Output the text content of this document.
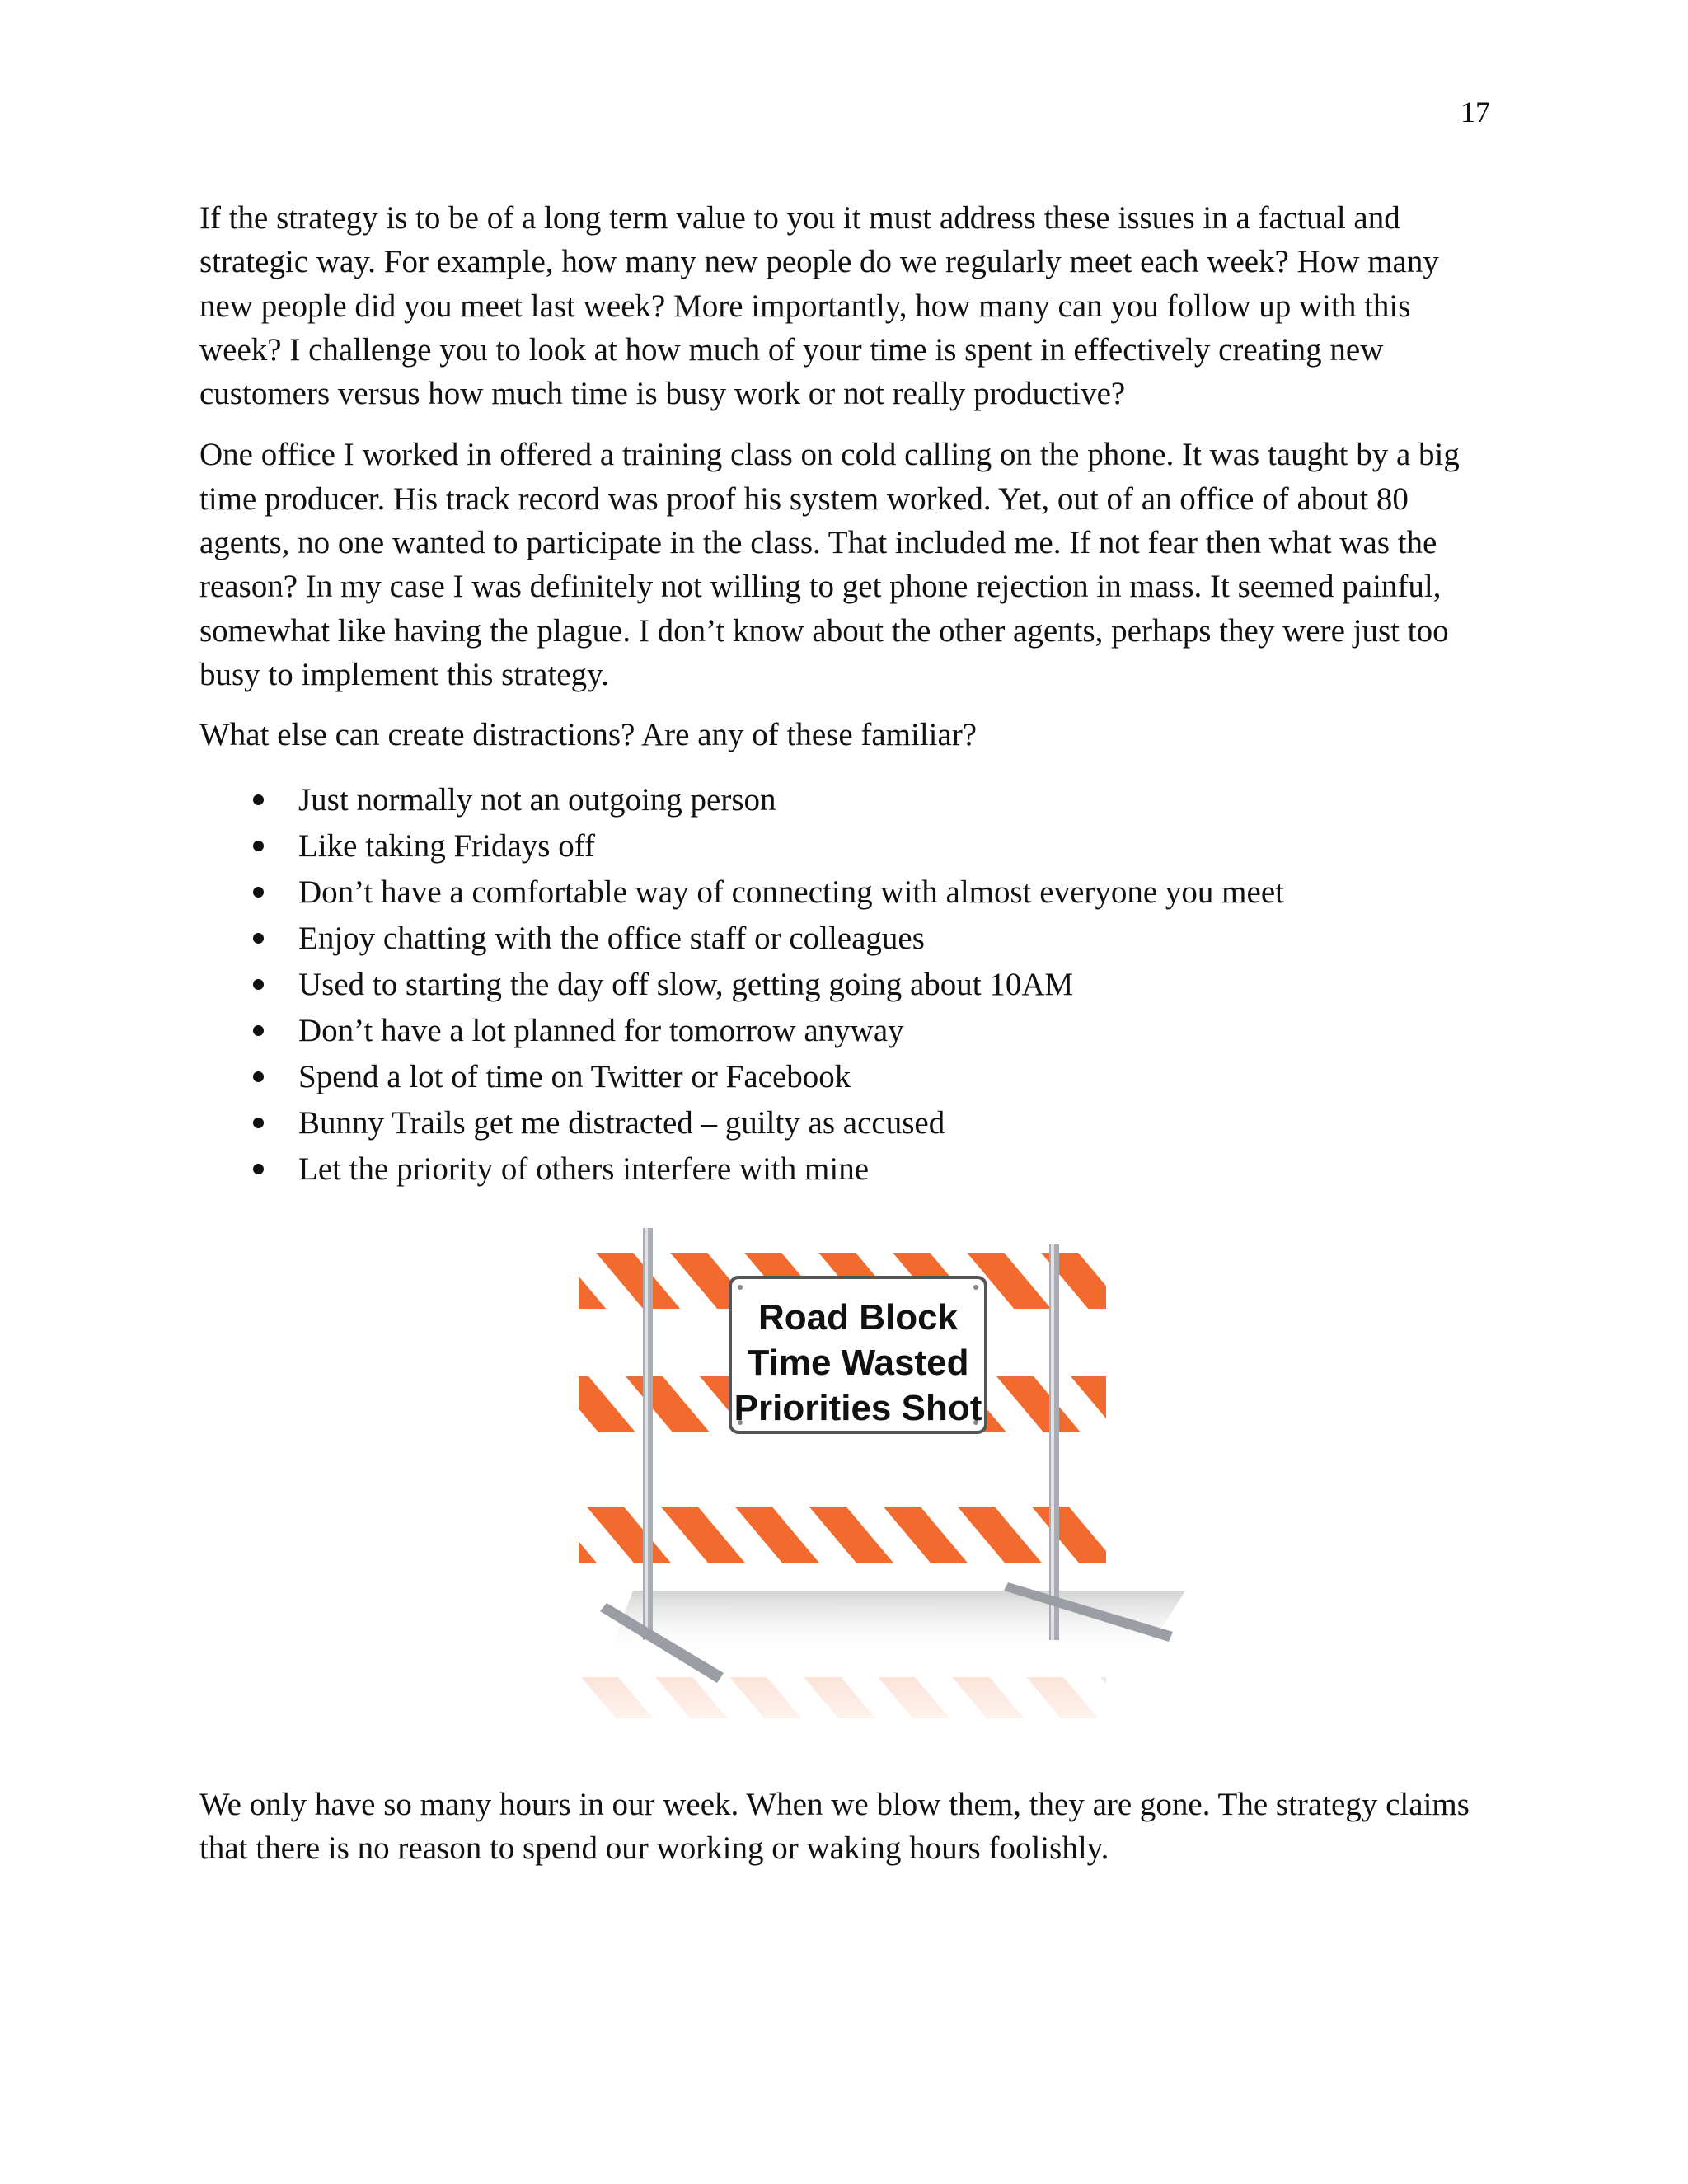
17

If the strategy is to be of a long term value to you it must address these issues in a factual and strategic way. For example, how many new people do we regularly meet each week? How many new people did you meet last week? More importantly, how many can you follow up with this week? I challenge you to look at how much of your time is spent in effectively creating new customers versus how much time is busy work or not really productive?

One office I worked in offered a training class on cold calling on the phone. It was taught by a big time producer. His track record was proof his system worked. Yet, out of an office of about 80 agents, no one wanted to participate in the class. That included me. If not fear then what was the reason? In my case I was definitely not willing to get phone rejection in mass. It seemed painful, somewhat like having the plague. I don’t know about the other agents, perhaps they were just too busy to implement this strategy.

What else can create distractions? Are any of these familiar?

Just normally not an outgoing person
Like taking Fridays off
Don’t have a comfortable way of connecting with almost everyone you meet
Enjoy chatting with the office staff or colleagues
Used to starting the day off slow, getting going about 10AM
Don’t have a lot planned for tomorrow anyway
Spend a lot of time on Twitter or Facebook
Bunny Trails get me distracted – guilty as accused
Let the priority of others interfere with mine
Road Block
Time Wasted
Priorities Shot

We only have so many hours in our week. When we blow them, they are gone. The strategy claims that there is no reason to spend our working or waking hours foolishly.
